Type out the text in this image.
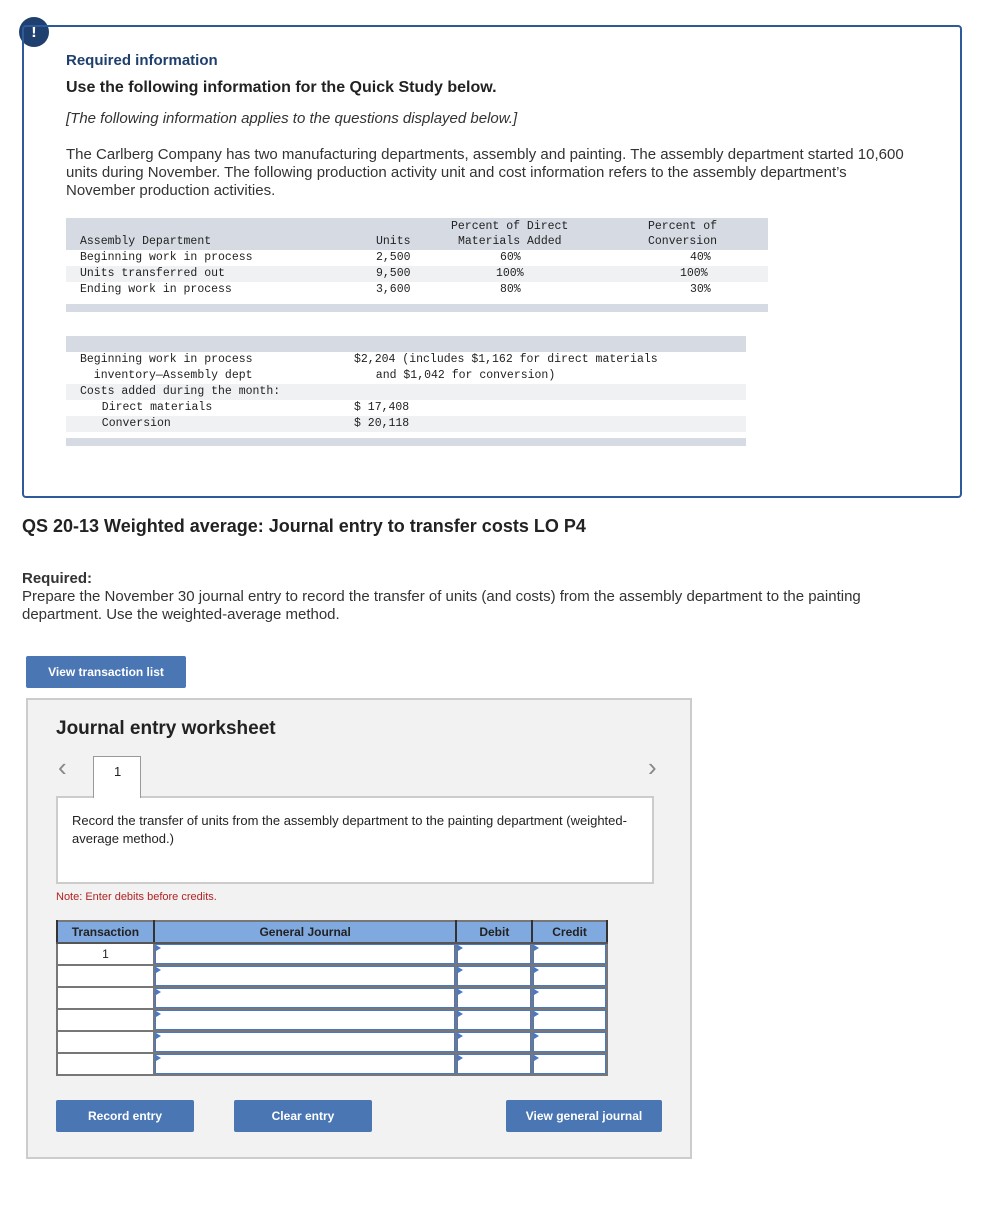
!
Required information
Use the following information for the Quick Study below.
[The following information applies to the questions displayed below.]
The Carlberg Company has two manufacturing departments, assembly and painting. The assembly department started 10,600 units during November. The following production activity unit and cost information refers to the assembly department’s November production activities.
Percent of Direct	Percent of
Assembly Department	Units	Materials Added	Conversion
Beginning work in process	2,500	60%	40%
Units transferred out	9,500	100%	100%
Ending work in process	3,600	80%	30%
Beginning work in process	$2,204 (includes $1,162 for direct materials
inventory—Assembly dept	and $1,042 for conversion)
Costs added during the month:
Direct materials	$ 17,408
Conversion	$ 20,118
QS 20-13 Weighted average: Journal entry to transfer costs LO P4
Required:
Prepare the November 30 journal entry to record the transfer of units (and costs) from the assembly department to the painting department. Use the weighted-average method.
View transaction list
Journal entry worksheet
‹	›
1
Record the transfer of units from the assembly department to the painting department (weighted-average method.)
Note: Enter debits before credits.
Transaction	General Journal	Debit	Credit
1	

Record entry	Clear entry	View general journal
